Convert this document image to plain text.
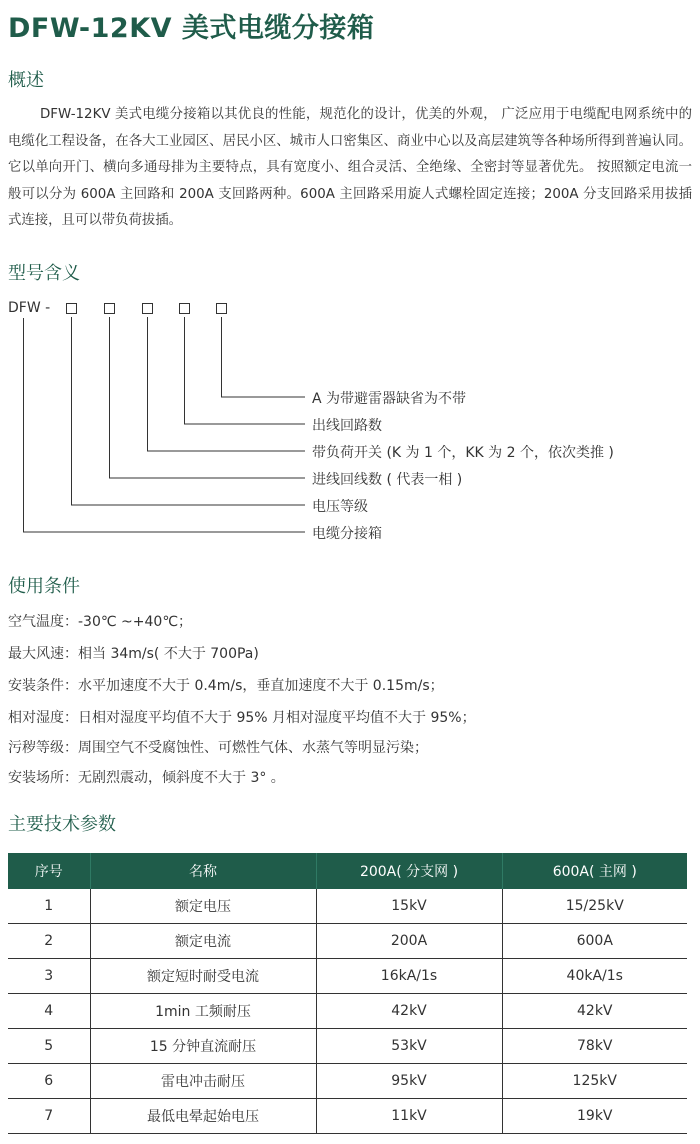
DFW-12KV 美式电缆分接箱
概述

DFW-12KV 美式电缆分接箱以其优良的性能，规范化的设计，优美的外观， 广泛应用于电缆配电网系统中的电缆化工程设备，在各大工业园区、居民小区、城市人口密集区、商业中心以及高层建筑等各种场所得到普遍认同。它以单向开门、横向多通母排为主要特点，具有宽度小、组合灵活、全绝缘、全密封等显著优先。 按照额定电流一般可以分为 600A 主回路和 200A 支回路两种。600A 主回路采用旋人式螺栓固定连接；200A 分支回路采用拔插式连接，且可以带负荷拔插。

型号含义
DFW -
A 为带避雷器缺省为不带
出线回路数
带负荷开关 (K 为 1 个，KK 为 2 个，依次类推 )
进线回线数 ( 代表一相 )
电压等级
电缆分接箱
使用条件
空气温度：-30℃ ~+40℃；
最大风速：相当 34m/s( 不大于 700Pa)
安装条件：水平加速度不大于 0.4m/s，垂直加速度不大于 0.15m/s；
相对湿度：日相对湿度平均值不大于 95% 月相对湿度平均值不大于 95%；
污秽等级：周围空气不受腐蚀性、可燃性气体、水蒸气等明显污染；
安装场所：无剧烈震动，倾斜度不大于 3° 。
主要技术参数
序号	名称	200A( 分支网 )	600A( 主网 )
1	额定电压	15kV	15/25kV
2	额定电流	200A	600A
3	额定短时耐受电流	16kA/1s	40kA/1s
4	1min 工频耐压	42kV	42kV
5	15 分钟直流耐压	53kV	78kV
6	雷电冲击耐压	95kV	125kV
7	最低电晕起始电压	11kV	19kV
